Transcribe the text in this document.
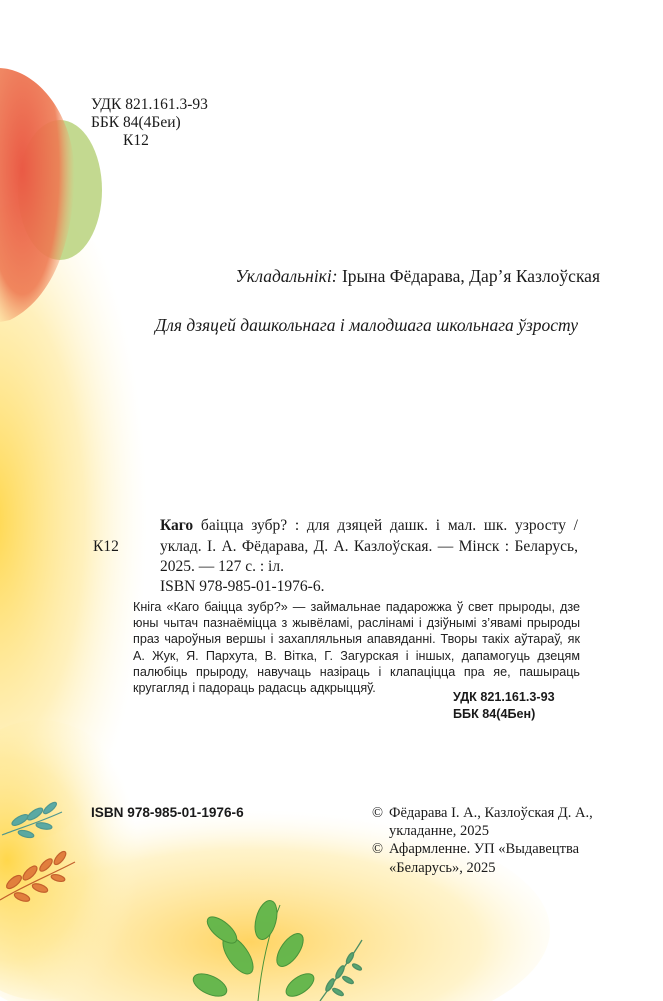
УДК 821.161.3-93
ББК 84(4Беи)
К12
Укладальнікі: Ірына Фёдарава, Дар’я Казлоўская
Для дзяцей дашкольнага і малодшага школьнага ўзросту
К12
Каго баіцца зубр? : для дзяцей дашк. і мал. шк. узросту / уклад. І. А. Фёдарава, Д. А. Казлоўская. — Мінск : Беларусь, 2025. — 127 с. : іл.
ISBN 978-985-01-1976-6.
Кніга «Каго баіцца зубр?» — займальнае падарожжа ў свет прыроды, дзе юны чытач пазнаёміцца з жывёламі, раслінамі і дзіўнымі з’явамі прыроды праз чароўныя вершы і захапляльныя апавяданні. Творы такіх аўтараў, як А. Жук, Я. Пархута, В. Вітка, Г. Загурская і іншых, дапамогуць дзецям палюбіць прыроду, навучаць назіраць і клапаціцца пра яе, пашыраць кругагляд і падораць радасць адкрыццяў.
УДК 821.161.3-93
ББК 84(4Бен)
ISBN 978-985-01-1976-6	© Фёдарава І. А., Казлоўская Д. А., укладанне, 2025
© Афармленне. УП «Выдавецтва «Беларусь», 2025
